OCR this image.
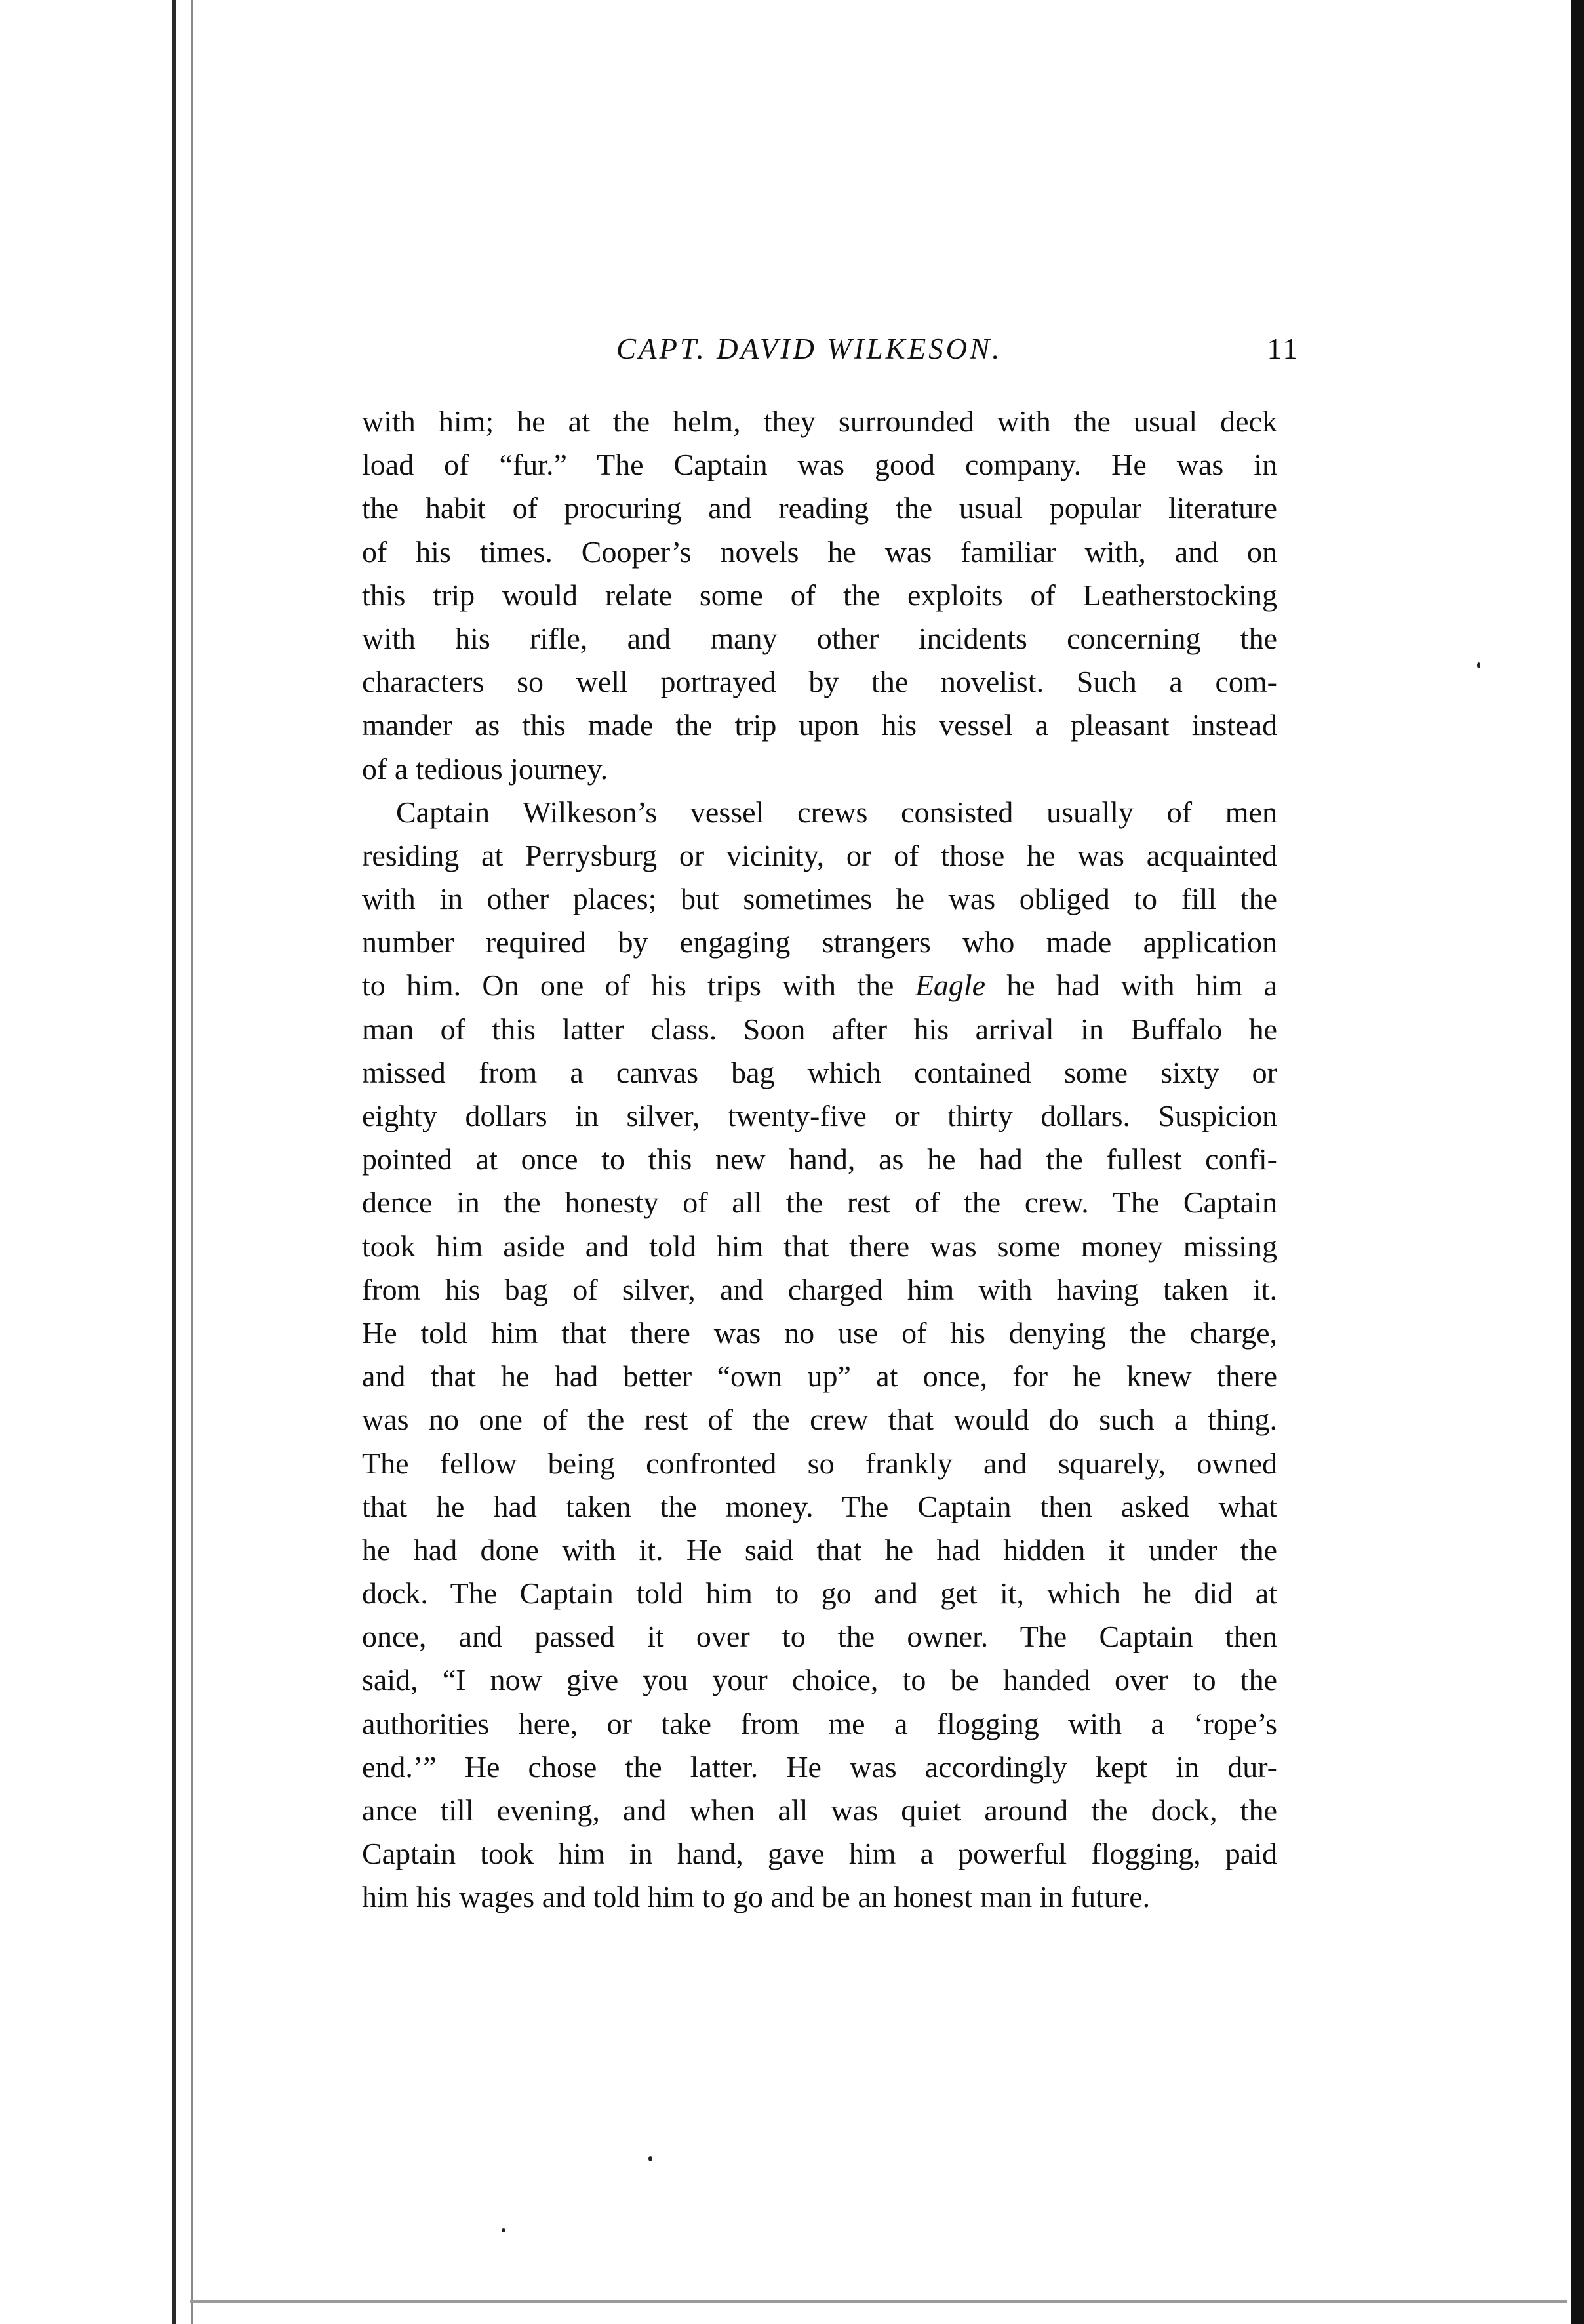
CAPT. DAVID WILKESON.	11
with him; he at the helm, they surrounded with the usual deck
load of “fur.” The Captain was good company. He was in
the habit of procuring and reading the usual popular literature
of his times. Cooper’s novels he was familiar with, and on
this trip would relate some of the exploits of Leatherstocking
with his rifle, and many other incidents concerning the
characters so well portrayed by the novelist. Such a com-
mander as this made the trip upon his vessel a pleasant instead
of a tedious journey.
Captain Wilkeson’s vessel crews consisted usually of men
residing at Perrysburg or vicinity, or of those he was acquainted
with in other places; but sometimes he was obliged to fill the
number required by engaging strangers who made application
to him. On one of his trips with the Eagle he had with him a
man of this latter class. Soon after his arrival in Buffalo he
missed from a canvas bag which contained some sixty or
eighty dollars in silver, twenty-five or thirty dollars. Suspicion
pointed at once to this new hand, as he had the fullest confi-
dence in the honesty of all the rest of the crew. The Captain
took him aside and told him that there was some money missing
from his bag of silver, and charged him with having taken it.
He told him that there was no use of his denying the charge,
and that he had better “own up” at once, for he knew there
was no one of the rest of the crew that would do such a thing.
The fellow being confronted so frankly and squarely, owned
that he had taken the money. The Captain then asked what
he had done with it. He said that he had hidden it under the
dock. The Captain told him to go and get it, which he did at
once, and passed it over to the owner. The Captain then
said, “I now give you your choice, to be handed over to the
authorities here, or take from me a flogging with a ‘rope’s
end.’” He chose the latter. He was accordingly kept in dur-
ance till evening, and when all was quiet around the dock, the
Captain took him in hand, gave him a powerful flogging, paid
him his wages and told him to go and be an honest man in future.
